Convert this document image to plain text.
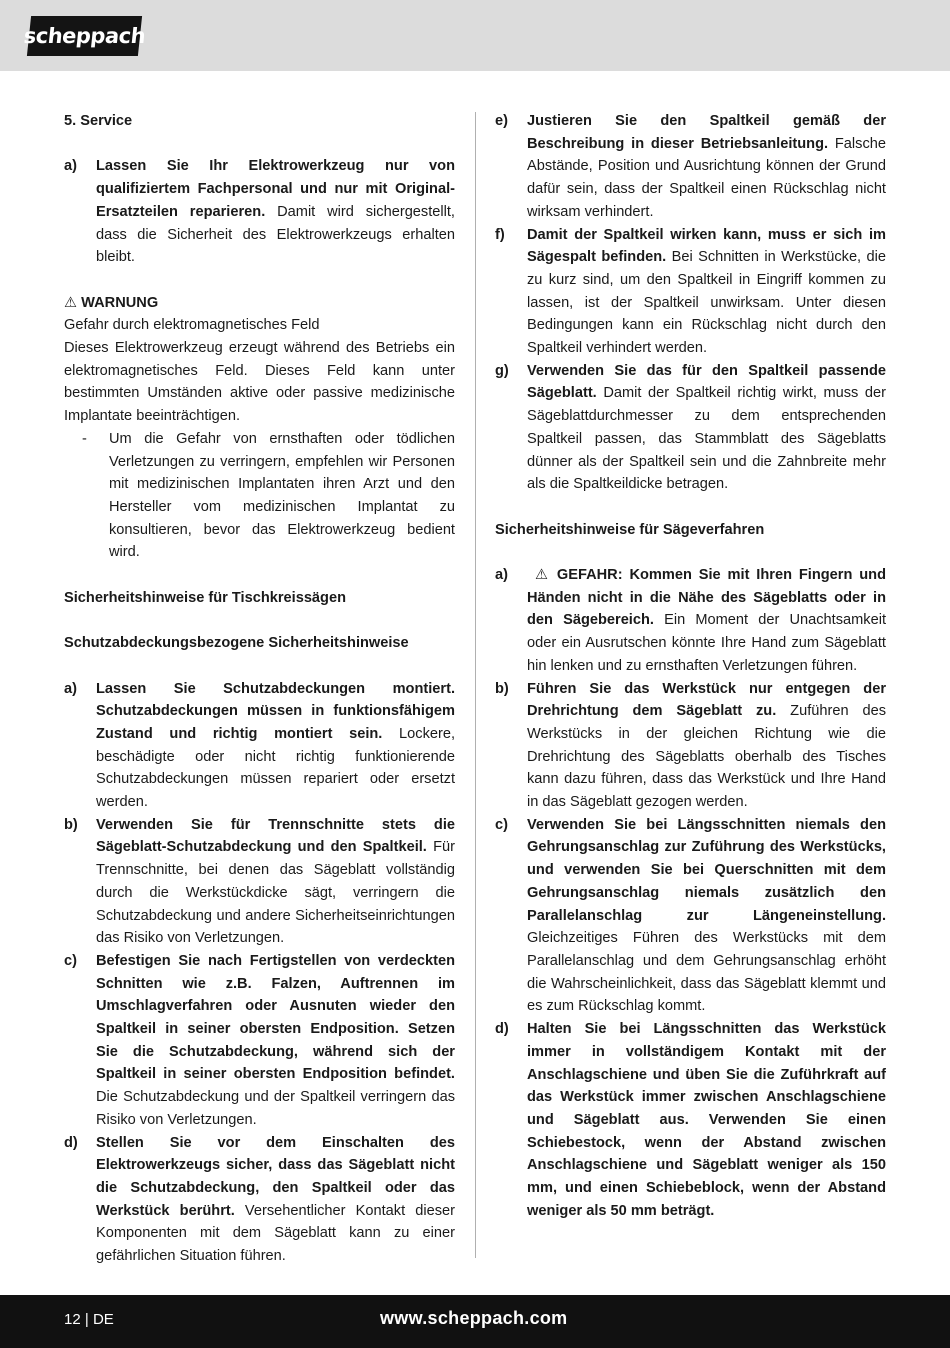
scheppach

5. Service

a)	Lassen Sie Ihr Elektrowerkzeug nur von qualifiziertem Fachpersonal und nur mit Original-Ersatzteilen reparieren. Damit wird sichergestellt, dass die Sicherheit des Elektrowerkzeugs erhalten bleibt.

⚠ WARNUNG

Gefahr durch elektromagnetisches Feld

Dieses Elektrowerkzeug erzeugt während des Betriebs ein elektromagnetisches Feld. Dieses Feld kann unter bestimmten Umständen aktive oder passive medizinische Implantate beeinträchtigen.

-	Um die Gefahr von ernsthaften oder tödlichen Verletzungen zu verringern, empfehlen wir Personen mit medizinischen Implantaten ihren Arzt und den Hersteller vom medizinischen Implantat zu konsultieren, bevor das Elektrowerkzeug bedient wird.

Sicherheitshinweise für Tischkreissägen

Schutzabdeckungsbezogene Sicherheitshinweise

a)	Lassen Sie Schutzabdeckungen montiert. Schutzabdeckungen müssen in funktionsfähigem Zustand und richtig montiert sein. Lockere, beschädigte oder nicht richtig funktionierende Schutzabdeckungen müssen repariert oder ersetzt werden.
b)	Verwenden Sie für Trennschnitte stets die Sägeblatt-Schutzabdeckung und den Spaltkeil. Für Trennschnitte, bei denen das Sägeblatt vollständig durch die Werkstückdicke sägt, verringern die Schutzabdeckung und andere Sicherheitseinrichtungen das Risiko von Verletzungen.
c)	Befestigen Sie nach Fertigstellen von verdeckten Schnitten wie z.B. Falzen, Auftrennen im Umschlagverfahren oder Ausnuten wieder den Spaltkeil in seiner obersten Endposition. Setzen Sie die Schutzabdeckung, während sich der Spaltkeil in seiner obersten Endposition befindet. Die Schutzabdeckung und der Spaltkeil verringern das Risiko von Verletzungen.
d)	Stellen Sie vor dem Einschalten des Elektrowerkzeugs sicher, dass das Sägeblatt nicht die Schutzabdeckung, den Spaltkeil oder das Werkstück berührt. Versehentlicher Kontakt dieser Komponenten mit dem Sägeblatt kann zu einer gefährlichen Situation führen.
e)	Justieren Sie den Spaltkeil gemäß der Beschreibung in dieser Betriebsanleitung. Falsche Abstände, Position und Ausrichtung können der Grund dafür sein, dass der Spaltkeil einen Rückschlag nicht wirksam verhindert.
f)	Damit der Spaltkeil wirken kann, muss er sich im Sägespalt befinden. Bei Schnitten in Werkstücke, die zu kurz sind, um den Spaltkeil in Eingriff kommen zu lassen, ist der Spaltkeil unwirksam. Unter diesen Bedingungen kann ein Rückschlag nicht durch den Spaltkeil verhindert werden.
g)	Verwenden Sie das für den Spaltkeil passende Sägeblatt. Damit der Spaltkeil richtig wirkt, muss der Sägeblattdurchmesser zu dem entsprechenden Spaltkeil passen, das Stammblatt des Sägeblatts dünner als der Spaltkeil sein und die Zahnbreite mehr als die Spaltkeildicke betragen.

Sicherheitshinweise für Sägeverfahren

a)	⚠ GEFAHR: Kommen Sie mit Ihren Fingern und Händen nicht in die Nähe des Sägeblatts oder in den Sägebereich. Ein Moment der Unachtsamkeit oder ein Ausrutschen könnte Ihre Hand zum Sägeblatt hin lenken und zu ernsthaften Verletzungen führen.
b)	Führen Sie das Werkstück nur entgegen der Drehrichtung dem Sägeblatt zu. Zuführen des Werkstücks in der gleichen Richtung wie die Drehrichtung des Sägeblatts oberhalb des Tisches kann dazu führen, dass das Werkstück und Ihre Hand in das Sägeblatt gezogen werden.
c)	Verwenden Sie bei Längsschnitten niemals den Gehrungsanschlag zur Zuführung des Werkstücks, und verwenden Sie bei Querschnitten mit dem Gehrungsanschlag niemals zusätzlich den Parallelanschlag zur Längeneinstellung. Gleichzeitiges Führen des Werkstücks mit dem Parallelanschlag und dem Gehrungsanschlag erhöht die Wahrscheinlichkeit, dass das Sägeblatt klemmt und es zum Rückschlag kommt.
d)	Halten Sie bei Längsschnitten das Werkstück immer in vollständigem Kontakt mit der Anschlagschiene und üben Sie die Zuführkraft auf das Werkstück immer zwischen Anschlagschiene und Sägeblatt aus. Verwenden Sie einen Schiebestock, wenn der Abstand zwischen Anschlagschiene und Sägeblatt weniger als 150 mm, und einen Schiebeblock, wenn der Abstand weniger als 50 mm beträgt.
12 | DE	www.scheppach.com
